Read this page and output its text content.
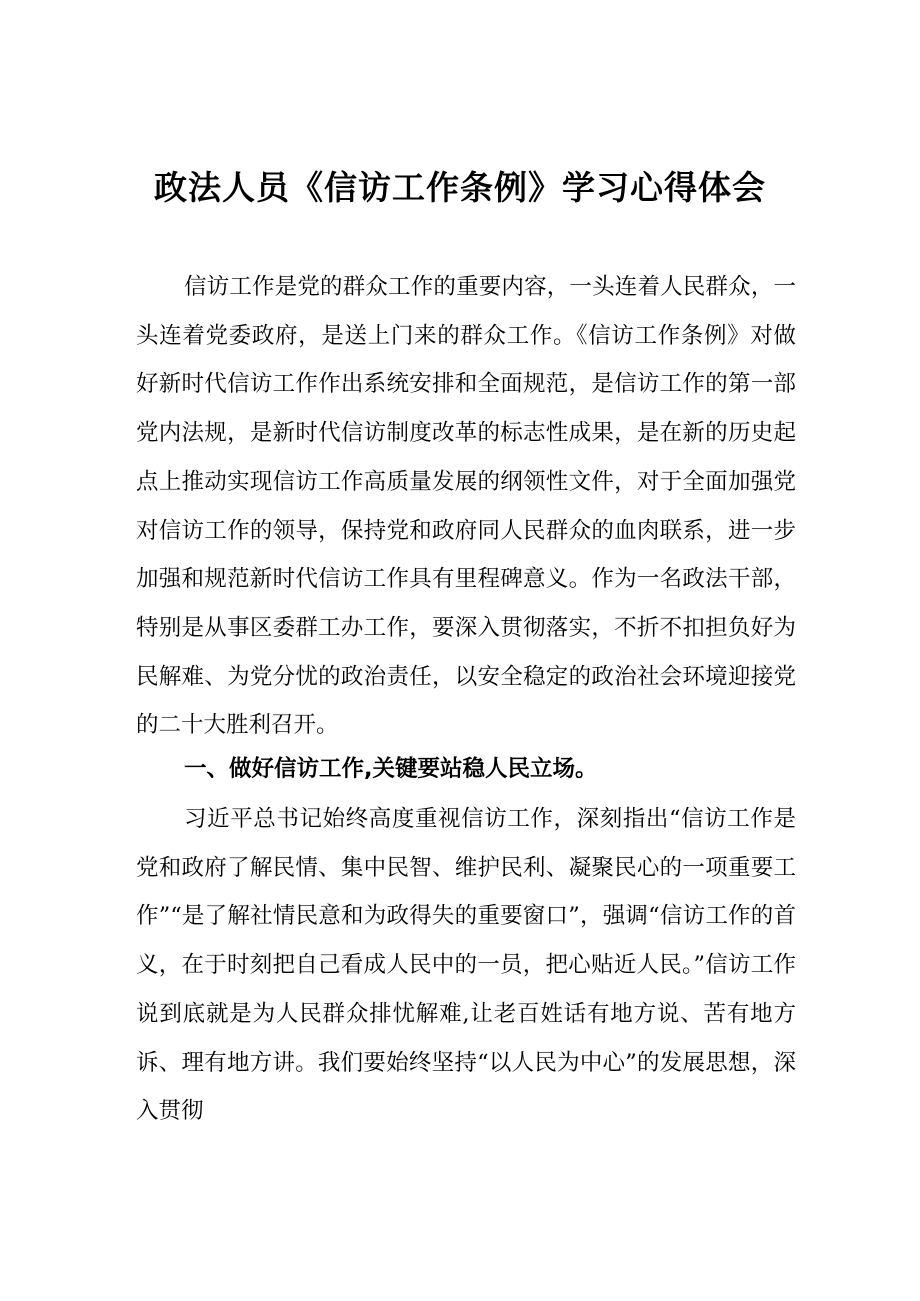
政法人员《信访工作条例》学习心得体会

信访工作是党的群众工作的重要内容，一头连着人民群众，一头连着党委政府，是送上门来的群众工作。《信访工作条例》对做好新时代信访工作作出系统安排和全面规范，是信访工作的第一部党内法规，是新时代信访制度改革的标志性成果，是在新的历史起点上推动实现信访工作高质量发展的纲领性文件，对于全面加强党对信访工作的领导，保持党和政府同人民群众的血肉联系，进一步加强和规范新时代信访工作具有里程碑意义。作为一名政法干部，特别是从事区委群工办工作，要深入贯彻落实，不折不扣担负好为民解难、为党分忧的政治责任，以安全稳定的政治社会环境迎接党的二十大胜利召开。

一、做好信访工作,关键要站稳人民立场。

习近平总书记始终高度重视信访工作，深刻指出“信访工作是党和政府了解民情、集中民智、维护民利、凝聚民心的一项重要工作”“是了解社情民意和为政得失的重要窗口”，强调“信访工作的首义，在于时刻把自己看成人民中的一员，把心贴近人民。”信访工作说到底就是为人民群众排忧解难,让老百姓话有地方说、苦有地方诉、理有地方讲。我们要始终坚持“以人民为中心”的发展思想，深入贯彻
